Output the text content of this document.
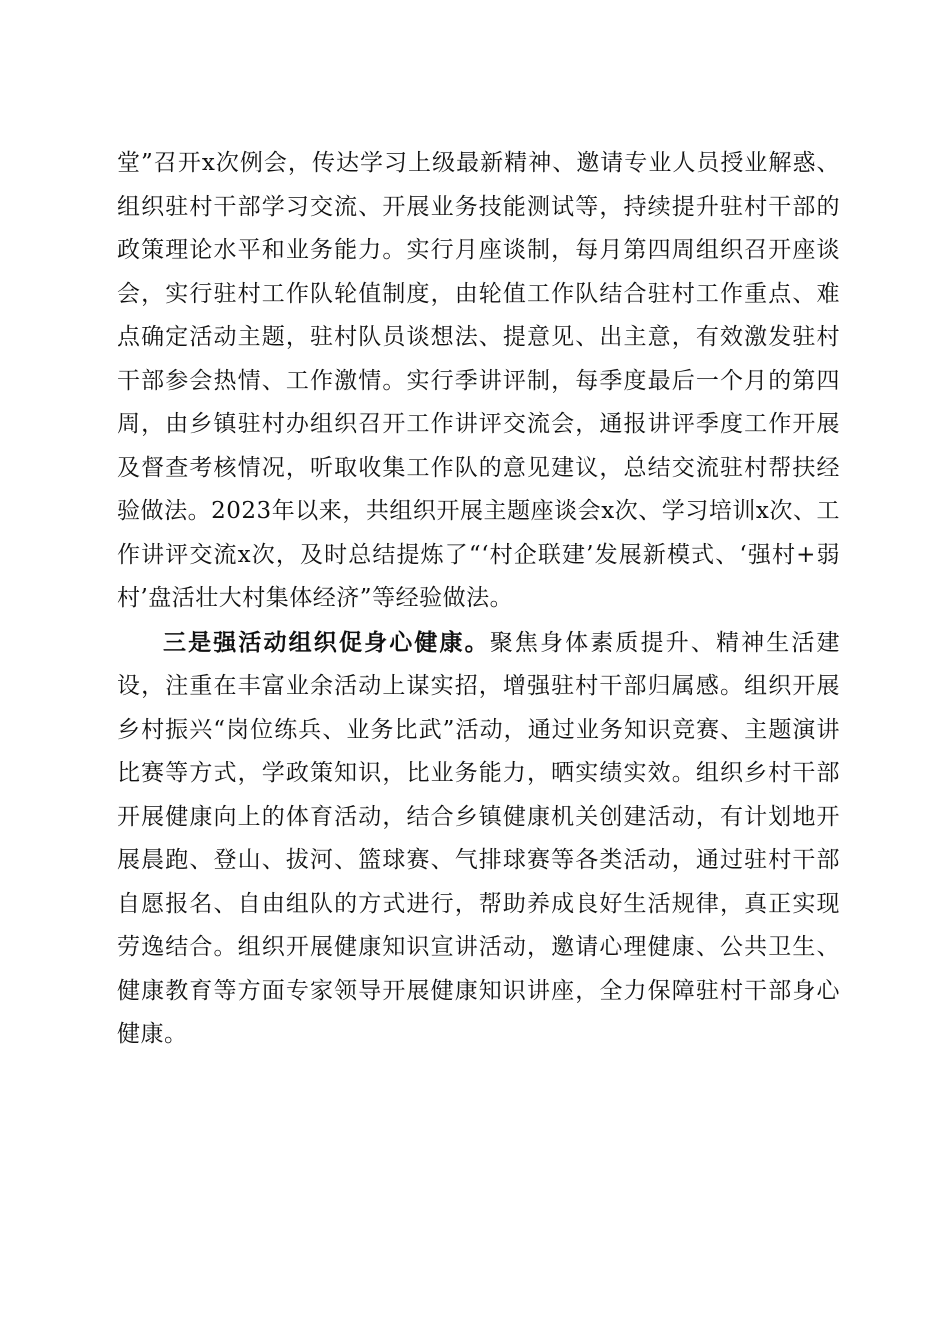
堂”召开x次例会，传达学习上级最新精神、邀请专业人员授业解惑、组织驻村干部学习交流、开展业务技能测试等，持续提升驻村干部的政策理论水平和业务能力。实行月座谈制，每月第四周组织召开座谈会，实行驻村工作队轮值制度，由轮值工作队结合驻村工作重点、难点确定活动主题，驻村队员谈想法、提意见、出主意，有效激发驻村干部参会热情、工作激情。实行季讲评制，每季度最后一个月的第四周，由乡镇驻村办组织召开工作讲评交流会，通报讲评季度工作开展及督查考核情况，听取收集工作队的意见建议，总结交流驻村帮扶经验做法。2023年以来，共组织开展主题座谈会x次、学习培训x次、工作讲评交流x次，及时总结提炼了“‘村企联建’发展新模式、‘强村+弱村’盘活壮大村集体经济”等经验做法。

三是强活动组织促身心健康。聚焦身体素质提升、精神生活建设，注重在丰富业余活动上谋实招，增强驻村干部归属感。组织开展乡村振兴“岗位练兵、业务比武”活动，通过业务知识竞赛、主题演讲比赛等方式，学政策知识，比业务能力，晒实绩实效。组织乡村干部开展健康向上的体育活动，结合乡镇健康机关创建活动，有计划地开展晨跑、登山、拔河、篮球赛、气排球赛等各类活动，通过驻村干部自愿报名、自由组队的方式进行，帮助养成良好生活规律，真正实现劳逸结合。组织开展健康知识宣讲活动，邀请心理健康、公共卫生、健康教育等方面专家领导开展健康知识讲座，全力保障驻村干部身心健康。
